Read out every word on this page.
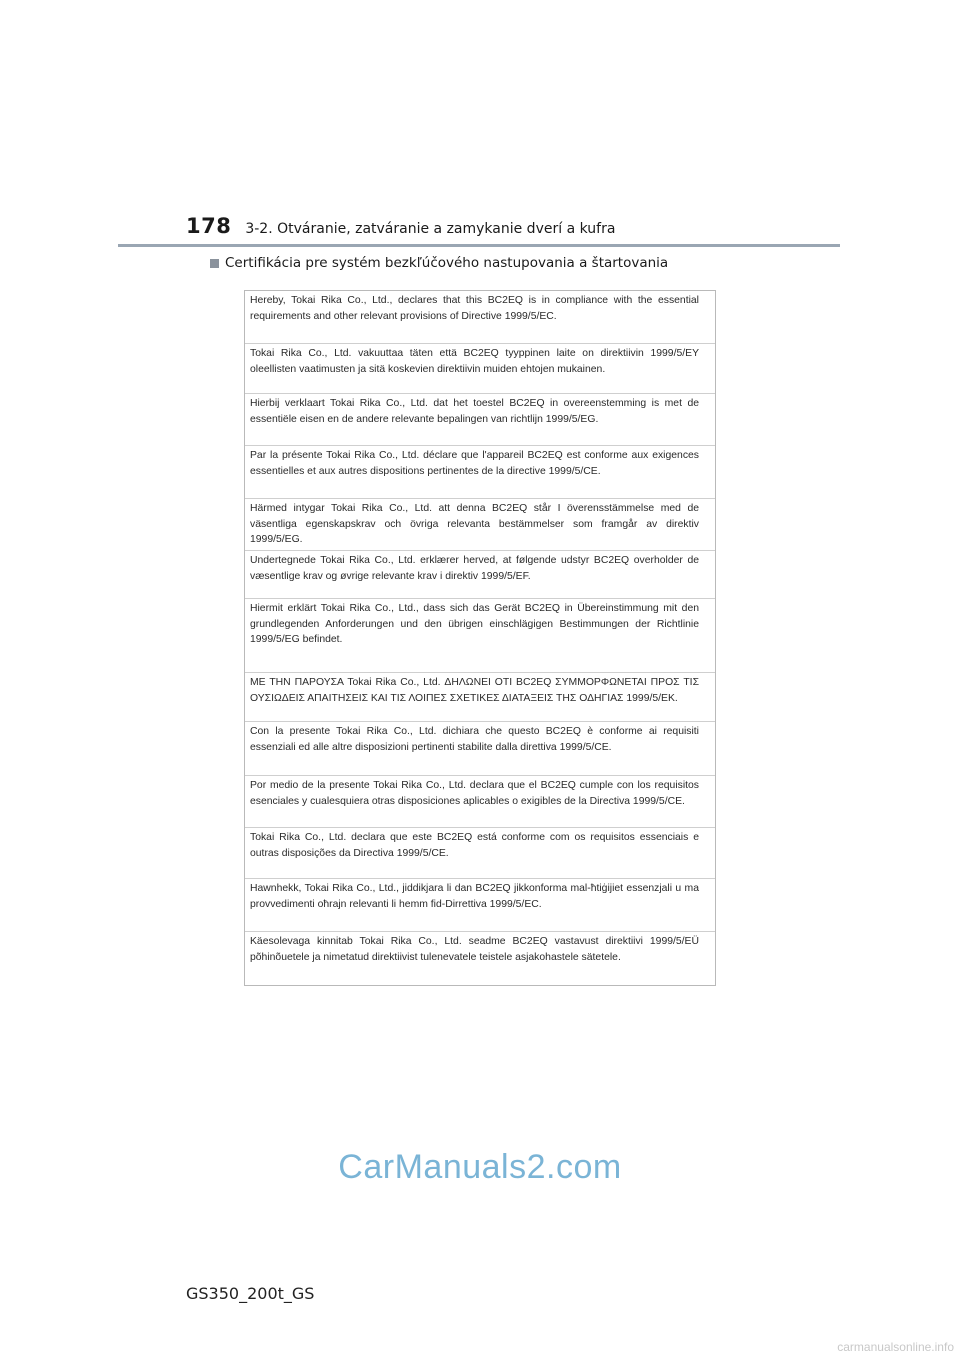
178 3-2. Otváranie, zatváranie a zamykanie dverí a kufra
Certifikácia pre systém bezkľúčového nastupovania a štartovania
Hereby, Tokai Rika Co., Ltd., declares that this BC2EQ is in compliance with the essential requirements and other relevant provisions of Directive 1999/5/EC.
Tokai Rika Co., Ltd. vakuuttaa täten että BC2EQ tyyppinen laite on direktiivin 1999/5/EY oleellisten vaatimusten ja sitä koskevien direktiivin muiden ehtojen mukainen.
Hierbij verklaart Tokai Rika Co., Ltd. dat het toestel BC2EQ in overeenstemming is met de essentiële eisen en de andere relevante bepalingen van richtlijn 1999/5/EG.
Par la présente Tokai Rika Co., Ltd. déclare que l'appareil BC2EQ est conforme aux exigences essentielles et aux autres dispositions pertinentes de la directive 1999/5/CE.
Härmed intygar Tokai Rika Co., Ltd. att denna BC2EQ står I överensstämmelse med de väsentliga egenskapskrav och övriga relevanta bestämmelser som framgår av direktiv 1999/5/EG.
Undertegnede Tokai Rika Co., Ltd. erklærer herved, at følgende udstyr BC2EQ overholder de væsentlige krav og øvrige relevante krav i direktiv 1999/5/EF.
Hiermit erklärt Tokai Rika Co., Ltd., dass sich das Gerät BC2EQ in Übereinstimmung mit den grundlegenden Anforderungen und den übrigen einschlägigen Bestimmungen der Richtlinie 1999/5/EG befindet.
ΜΕ ΤΗΝ ΠΑΡΟΥΣΑ Tokai Rika Co., Ltd. ΔΗΛΩΝΕΙ ΟΤΙ BC2EQ ΣΥΜΜΟΡΦΩΝΕΤΑΙ ΠΡΟΣ ΤΙΣ ΟΥΣΙΩΔΕΙΣ ΑΠΑΙΤΗΣΕΙΣ ΚΑΙ ΤΙΣ ΛΟΙΠΕΣ ΣΧΕΤΙΚΕΣ ΔΙΑΤΑΞΕΙΣ ΤΗΣ ΟΔΗΓΙΑΣ 1999/5/ΕΚ.
Con la presente Tokai Rika Co., Ltd. dichiara che questo BC2EQ è conforme ai requisiti essenziali ed alle altre disposizioni pertinenti stabilite dalla direttiva 1999/5/CE.
Por medio de la presente Tokai Rika Co., Ltd. declara que el BC2EQ cumple con los requisitos esenciales y cualesquiera otras disposiciones aplicables o exigibles de la Directiva 1999/5/CE.
Tokai Rika Co., Ltd. declara que este BC2EQ está conforme com os requisitos essenciais e outras disposições da Directiva 1999/5/CE.
Hawnhekk, Tokai Rika Co., Ltd., jiddikjara li dan BC2EQ jikkonforma mal-ħtiġijiet essenzjali u ma provvedimenti oħrajn relevanti li hemm fid-Dirrettiva 1999/5/EC.
Käesolevaga kinnitab Tokai Rika Co., Ltd. seadme BC2EQ vastavust direktiivi 1999/5/EÜ põhinõuetele ja nimetatud direktiivist tulenevatele teistele asjakohastele sätetele.
CarManuals2.com
GS350_200t_GS
carmanualsonline.info
